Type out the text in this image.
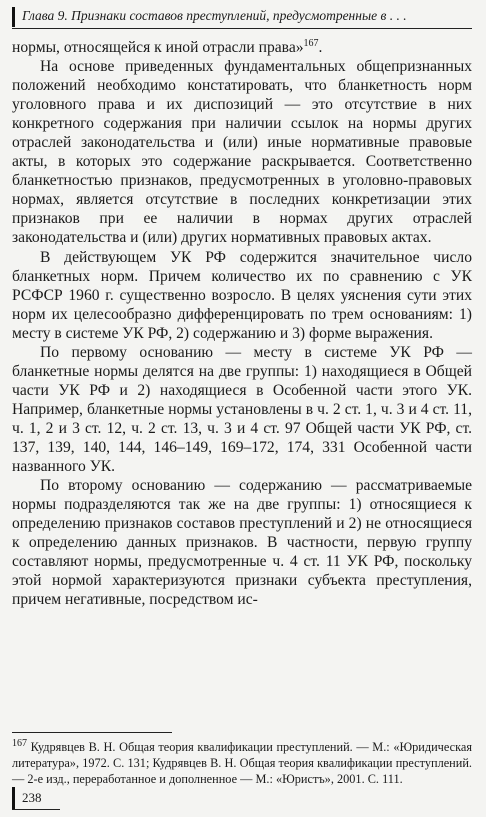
Глава 9. Признаки составов преступлений, предусмотренные в . . .

нормы, относящейся к иной отрасли права»$^{167}$.

На основе приведенных фундаментальных общепризнанных положений необходимо констатировать, что бланкетность норм уголовного права и их диспозиций — это отсутствие в них конкретного содержания при наличии ссылок на нормы других отраслей законодательства и (или) иные нормативные правовые акты, в которых это содержание раскрывается. Соответственно бланкетностью признаков, предусмотренных в уголовно-правовых нормах, является отсутствие в последних конкретизации этих признаков при ее наличии в нормах других отраслей законодательства и (или) других нормативных правовых актах.

В действующем УК РФ содержится значительное число бланкетных норм. Причем количество их по сравнению с УК РСФСР 1960 г. существенно возросло. В целях уяснения сути этих норм их целесообразно дифференцировать по трем основаниям: 1) месту в системе УК РФ, 2) содержанию и 3) форме выражения.

По первому основанию — месту в системе УК РФ — бланкетные нормы делятся на две группы: 1) находящиеся в Общей части УК РФ и 2) находящиеся в Особенной части этого УК. Например, бланкетные нормы установлены в ч. 2 ст. 1, ч. 3 и 4 ст. 11, ч. 1, 2 и 3 ст. 12, ч. 2 ст. 13, ч. 3 и 4 ст. 97 Общей части УК РФ, ст. 137, 139, 140, 144, 146–149, 169–172, 174, 331 Особенной части названного УК.

По второму основанию — содержанию — рассматриваемые нормы подразделяются так же на две группы: 1) относящиеся к определению признаков составов преступлений и 2) не относящиеся к определению данных признаков. В частности, первую группу составляют нормы, предусмотренные ч. 4 ст. 11 УК РФ, поскольку этой нормой характеризуются признаки субъекта преступления, причем негативные, посредством ис-

$^{167}$ Кудрявцев В. Н. Общая теория квалификации преступлений. — М.: «Юридическая литература», 1972. С. 131; Кудрявцев В. Н. Общая теория квалификации преступлений. — 2-е изд., переработанное и дополненное — М.: «Юристъ», 2001. С. 111.
238
